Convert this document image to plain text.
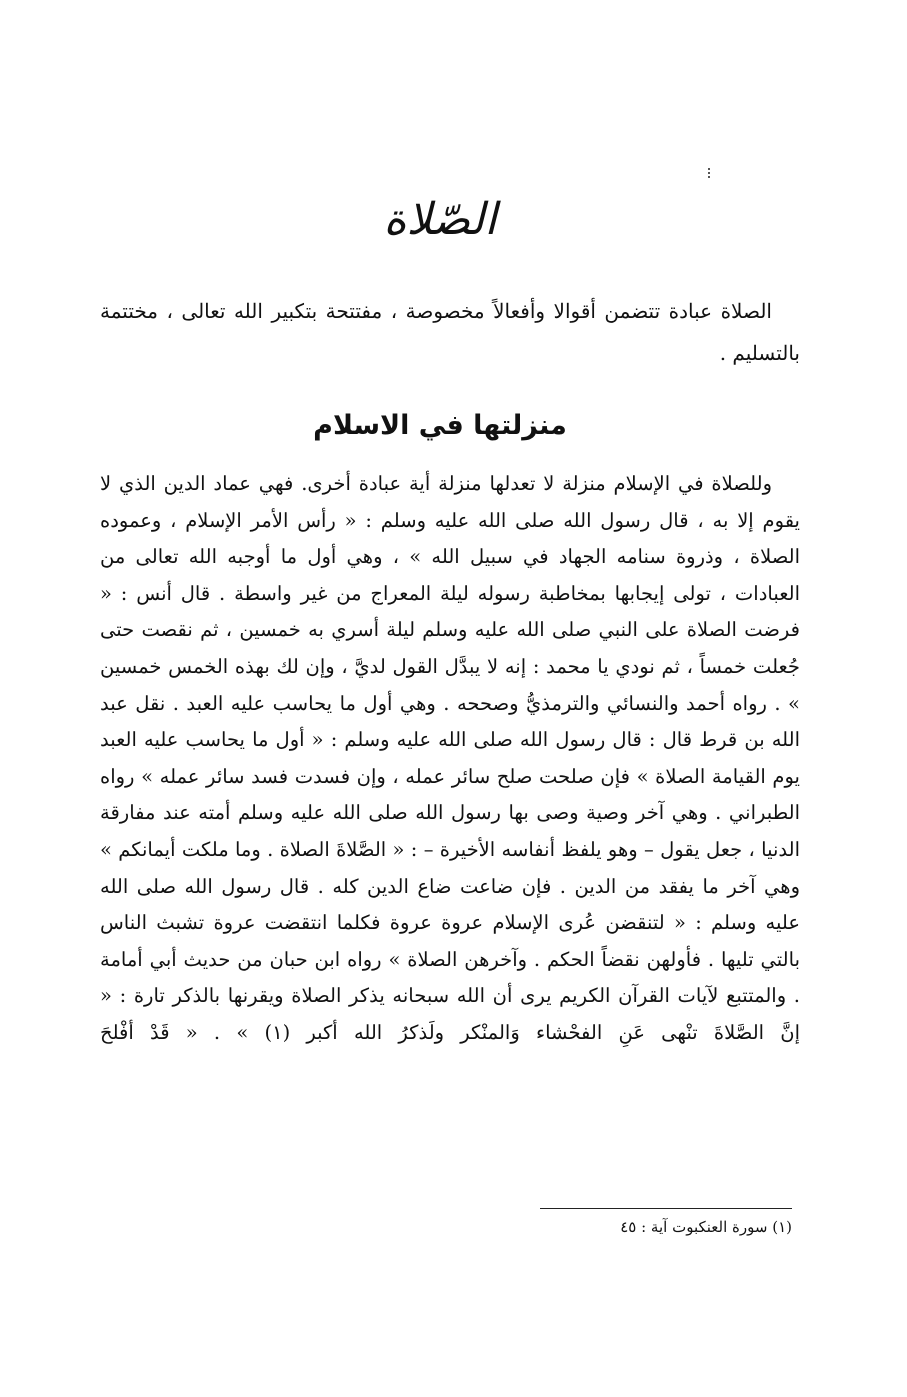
الصّلاة

الصلاة عبادة تتضمن أقوالا وأفعالاً مخصوصة ، مفتتحة بتكبير الله تعالى ، مختتمة بالتسليم .

منزلتها في الاسلام

وللصلاة في الإسلام منزلة لا تعدلها منزلة أية عبادة أخرى. فهي عماد الدين الذي لا يقوم إلا به ، قال رسول الله صلى الله عليه وسلم : « رأس الأمر الإسلام ، وعموده الصلاة ، وذروة سنامه الجهاد في سبيل الله » ، وهي أول ما أوجبه الله تعالى من العبادات ، تولى إيجابها بمخاطبة رسوله ليلة المعراج من غير واسطة . قال أنس : « فرضت الصلاة على النبي صلى الله عليه وسلم ليلة أسري به خمسين ، ثم نقصت حتى جُعلت خمساً ، ثم نودي يا محمد : إنه لا يبدَّل القول لديَّ ، وإن لك بهذه الخمس خمسين » . رواه أحمد والنسائي والترمذيُّ وصححه . وهي أول ما يحاسب عليه العبد . نقل عبد الله بن قرط قال : قال رسول الله صلى الله عليه وسلم : « أول ما يحاسب عليه العبد يوم القيامة الصلاة » فإن صلحت صلح سائر عمله ، وإن فسدت فسد سائر عمله » رواه الطبراني . وهي آخر وصية وصى بها رسول الله صلى الله عليه وسلم أمته عند مفارقة الدنيا ، جعل يقول – وهو يلفظ أنفاسه الأخيرة – : « الصَّلاةَ الصلاة . وما ملكت أيمانكم » وهي آخر ما يفقد من الدين . فإن ضاعت ضاع الدين كله . قال رسول الله صلى الله عليه وسلم : « لتنقضن عُرى الإسلام عروة عروة فكلما انتقضت عروة تشبث الناس بالتي تليها . فأولهن نقضاً الحكم . وآخرهن الصلاة » رواه ابن حبان من حديث أبي أمامة . والمتتبع لآيات القرآن الكريم يرى أن الله سبحانه يذكر الصلاة ويقرنها بالذكر تارة : « إنَّ الصَّلاةَ تنْهى عَنِ الفحْشاء وَالمنْكر ولَذكرُ الله أكبر (١) » . « قَدْ أفْلحَ

(١) سورة العنكبوت آية : ٤٥
